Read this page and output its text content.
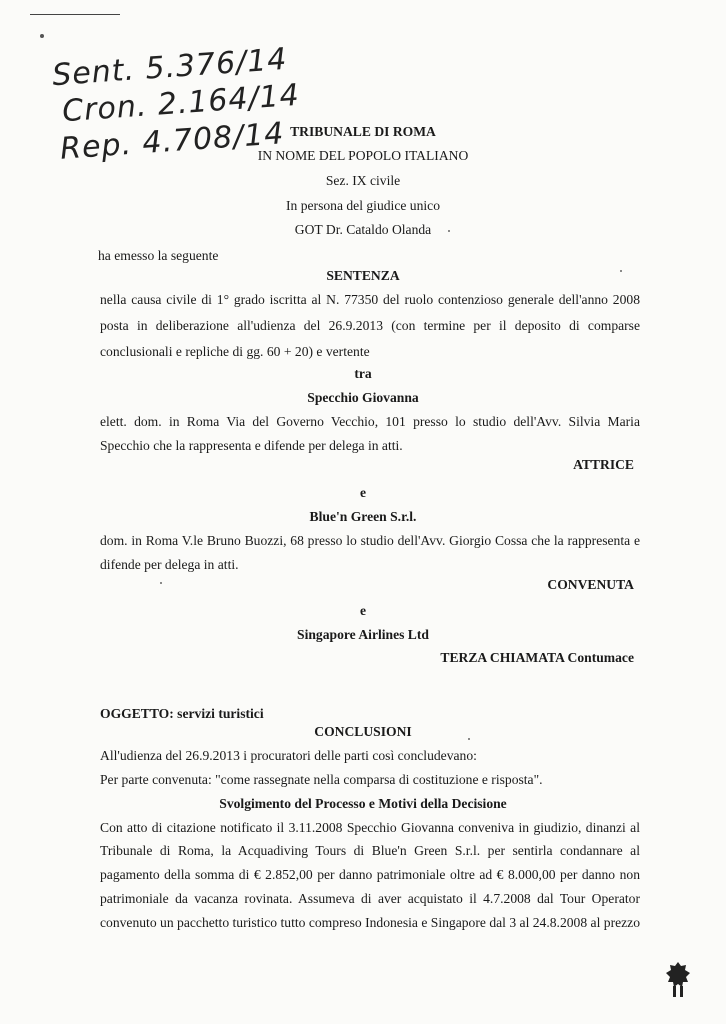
Sent. 5.376/14
Cron. 2.164/14
Rep. 4.708/14 TRIBUNALE DI ROMA
IN NOME DEL POPOLO ITALIANO
Sez. IX civile
In persona del giudice unico
GOT Dr. Cataldo Olanda
ha emesso la seguente
SENTENZA
nella causa civile di 1° grado iscritta al N. 77350 del ruolo contenzioso generale dell'anno 2008
posta in deliberazione all'udienza del 26.9.2013 (con termine per il deposito di comparse
conclusionali e repliche di gg. 60 + 20) e vertente
tra
Specchio Giovanna
elett. dom. in Roma Via del Governo Vecchio, 101 presso lo studio dell'Avv. Silvia Maria
Specchio che la rappresenta e difende per delega in atti.
ATTRICE
e
Blue'n Green S.r.l.
dom. in Roma V.le Bruno Buozzi, 68 presso lo studio dell'Avv. Giorgio Cossa che la rappresenta e
difende per delega in atti.
CONVENUTA
e
Singapore Airlines Ltd
TERZA CHIAMATA Contumace
OGGETTO: servizi turistici
CONCLUSIONI
All'udienza del 26.9.2013 i procuratori delle parti così concludevano:
Per parte convenuta: "come rassegnate nella comparsa di costituzione e risposta".
Svolgimento del Processo e Motivi della Decisione
Con atto di citazione notificato il 3.11.2008 Specchio Giovanna conveniva in giudizio, dinanzi al
Tribunale di Roma, la Acquadiving Tours di Blue'n Green S.r.l. per sentirla condannare al
pagamento della somma di € 2.852,00 per danno patrimoniale oltre ad € 8.000,00 per danno non
patrimoniale da vacanza rovinata. Assumeva di aver acquistato il 4.7.2008 dal Tour Operator
convenuto un pacchetto turistico tutto compreso Indonesia e Singapore dal 3 al 24.8.2008 al prezzo
